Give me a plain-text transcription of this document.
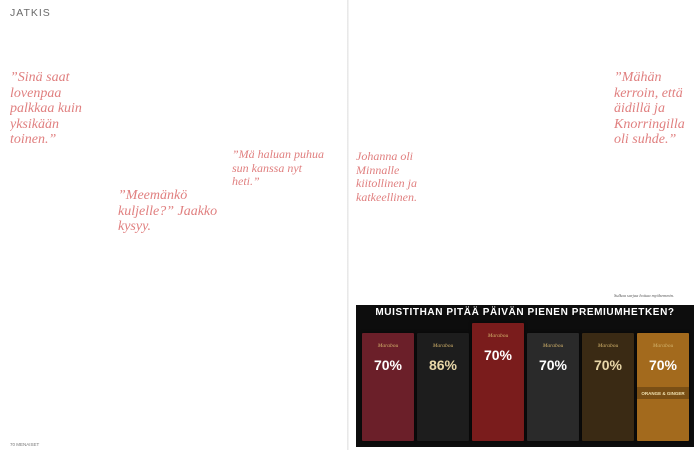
JATKIS
”Sinä saat lovenpaa palkkaa kuin yksikään toinen.”
”Meemänkö kuljelle?” Jaakko kysyy.
”Mä haluan puhua sun kanssa nyt heti.”
70 MENAISET
Johanna oli Minnalle kiitollinen ja katkeellinen.
”Mähän kerroin, että äidillä ja Knorringilla oli suhde.”
Sulkaa sarjaa hoitaa myöhemmin.
MUISTITHAN PITÄÄ PÄIVÄN PIENEN PREMIUMHETKEN?
Marabou
70%
Marabou
86%
Marabou
70%
Marabou
70%
Marabou
70%
Marabou
70%
ORANGE & GINGER
